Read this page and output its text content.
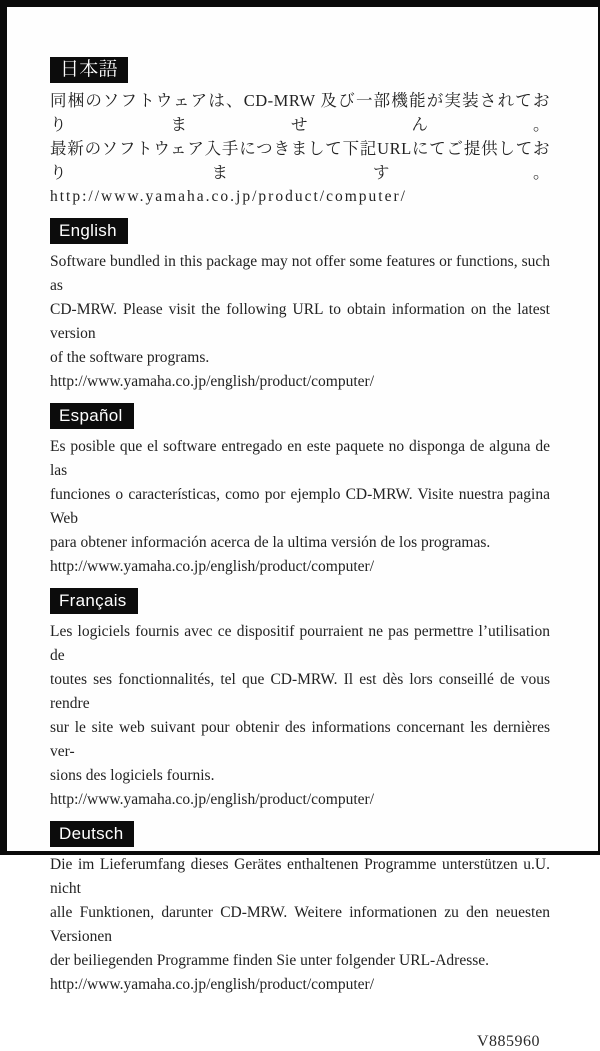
日本語
同梱のソフトウェアは、CD-MRW 及び一部機能が実装されておりません。
最新のソフトウェア入手につきまして下記URLにてご提供しております。
http://www.yamaha.co.jp/product/computer/
English
Software bundled in this package may not offer some features or functions, such as
CD-MRW. Please visit the following URL to obtain information on the latest version
of the software programs.
http://www.yamaha.co.jp/english/product/computer/
Español
Es posible que el software entregado en este paquete no disponga de alguna de las
funciones o características, como por ejemplo CD-MRW. Visite nuestra pagina Web
para obtener información acerca de la ultima versión de los programas.
http://www.yamaha.co.jp/english/product/computer/
Français
Les logiciels fournis avec ce dispositif pourraient ne pas permettre l’utilisation de
toutes ses fonctionnalités, tel que CD-MRW. Il est dès lors conseillé de vous rendre
sur le site web suivant pour obtenir des informations concernant les dernières ver-
sions des logiciels fournis.
http://www.yamaha.co.jp/english/product/computer/
Deutsch
Die im Lieferumfang dieses Gerätes enthaltenen Programme unterstützen u.U. nicht
alle Funktionen, darunter CD-MRW. Weitere informationen zu den neuesten Versionen
der beiliegenden Programme finden Sie unter folgender URL-Adresse.
http://www.yamaha.co.jp/english/product/computer/
V885960
